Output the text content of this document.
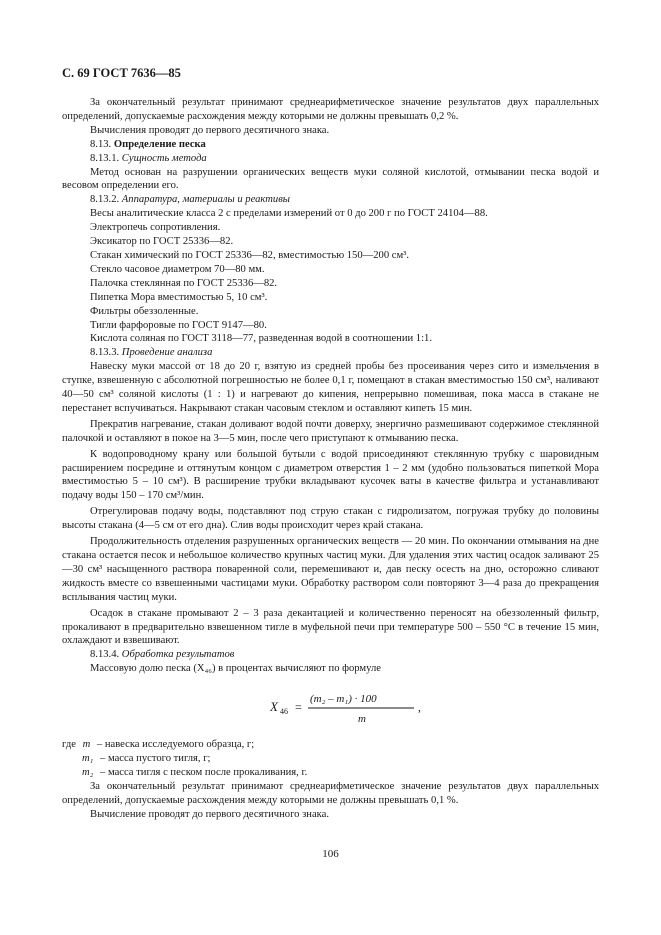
С. 69 ГОСТ 7636—85

За окончательный результат принимают среднеарифметическое значение результатов двух параллельных определений, допускаемые расхождения между которыми не должны превышать 0,2 %.

Вычисления проводят до первого десятичного знака.

8.13. Определение песка

8.13.1. Сущность метода

Метод основан на разрушении органических веществ муки соляной кислотой, отмывании песка водой и весовом определении его.

8.13.2. Аппаратура, материалы и реактивы

Весы аналитические класса 2 с пределами измерений от 0 до 200 г по ГОСТ 24104—88.

Электропечь сопротивления.

Эксикатор по ГОСТ 25336—82.

Стакан химический по ГОСТ 25336—82, вместимостью 150—200 см³.

Стекло часовое диаметром 70—80 мм.

Палочка стеклянная по ГОСТ 25336—82.

Пипетка Мора вместимостью 5, 10 см³.

Фильтры обеззоленные.

Тигли фарфоровые по ГОСТ 9147—80.

Кислота соляная по ГОСТ 3118—77, разведенная водой в соотношении 1:1.

8.13.3. Проведение анализа

Навеску муки массой от 18 до 20 г, взятую из средней пробы без просеивания через сито и измельчения в ступке, взвешенную с абсолютной погрешностью не более 0,1 г, помещают в стакан вместимостью 150 см³, наливают 40—50 см³ соляной кислоты (1 : 1) и нагревают до кипения, непрерывно помешивая, пока масса в стакане не перестанет вспучиваться. Накрывают стакан часовым стеклом и оставляют кипеть 15 мин.

Прекратив нагревание, стакан доливают водой почти доверху, энергично размешивают содержимое стеклянной палочкой и оставляют в покое на 3—5 мин, после чего приступают к отмыванию песка.

К водопроводному крану или большой бутыли с водой присоединяют стеклянную трубку с шаровидным расширением посредине и оттянутым концом с диаметром отверстия 1 – 2 мм (удобно пользоваться пипеткой Мора вместимостью 5 – 10 см³). В расширение трубки вкладывают кусочек ваты в качестве фильтра и устанавливают подачу воды 150 – 170 см³/мин.

Отрегулировав подачу воды, подставляют под струю стакан с гидролизатом, погружая трубку до половины высоты стакана (4—5 см от его дна). Слив воды происходит через край стакана.

Продолжительность отделения разрушенных органических веществ — 20 мин. По окончании отмывания на дне стакана остается песок и небольшое количество крупных частиц муки. Для удаления этих частиц осадок заливают 25—30 см³ насыщенного раствора поваренной соли, перемешивают и, дав песку осесть на дно, осторожно сливают жидкость вместе со взвешенными частицами муки. Обработку раствором соли повторяют 3—4 раза до прекращения всплывания частиц муки.

Осадок в стакане промывают 2 – 3 раза декантацией и количественно переносят на обеззоленный фильтр, прокаливают в предварительно взвешенном тигле в муфельной печи при температуре 500 – 550 °С в течение 15 мин, охлаждают и взвешивают.

8.13.4. Обработка результатов

Массовую долю песка (X₄₆) в процентах вычисляют по формуле

X 46 =
(m₂ – m₁) · 100
m
,
где m – навеска исследуемого образца, г;
m₁ – масса пустого тигля, г;
m₂ – масса тигля с песком после прокаливания, г.

За окончательный результат принимают среднеарифметическое значение результатов двух параллельных определений, допускаемые расхождения между которыми не должны превышать 0,1 %.

Вычисление проводят до первого десятичного знака.

106
